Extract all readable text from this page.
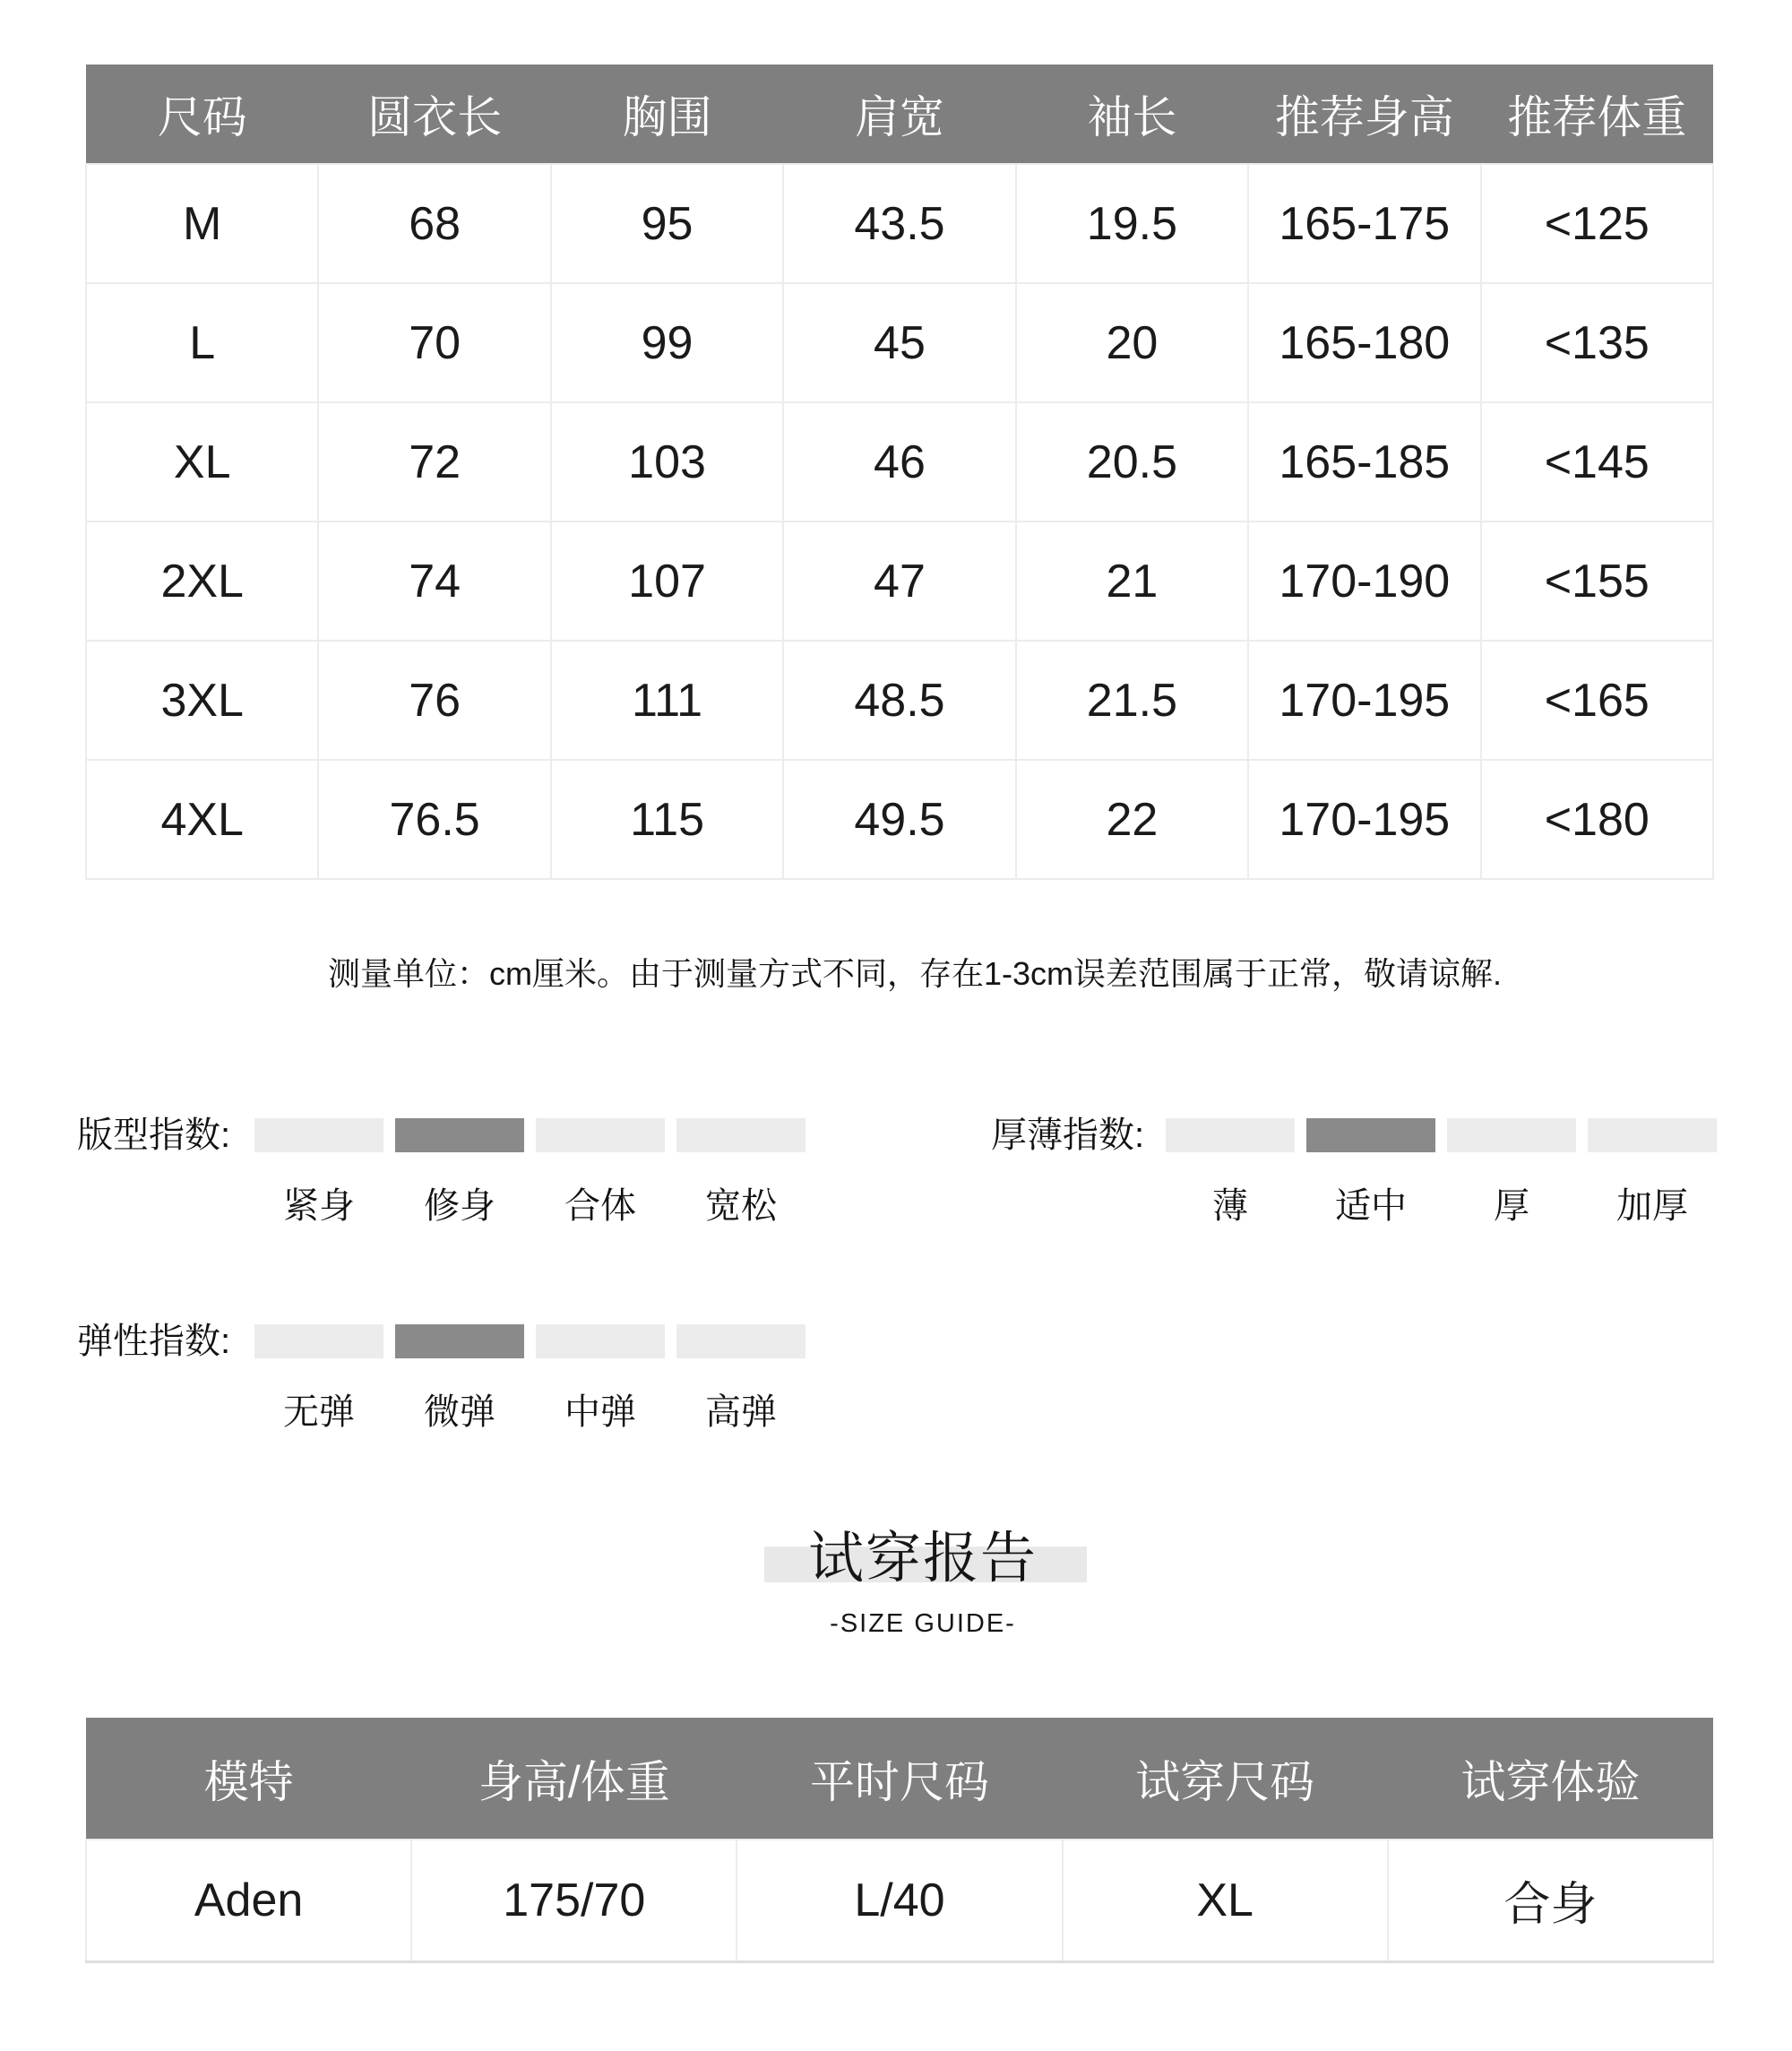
尺码	圆衣长	胸围	肩宽	袖长	推荐身高	推荐体重
M	68	95	43.5	19.5	165-175	<125
L	70	99	45	20	165-180	<135
XL	72	103	46	20.5	165-185	<145
2XL	74	107	47	21	170-190	<155
3XL	76	111	48.5	21.5	170-195	<165
4XL	76.5	115	49.5	22	170-195	<180
测量单位：cm厘米。由于测量方式不同，存在1-3cm误差范围属于正常，敬请谅解.
版型指数:
紧身	修身	合体	宽松
厚薄指数:
薄	适中	厚	加厚
弹性指数:
无弹	微弹	中弹	高弹
试穿报告
-SIZE GUIDE-
模特	身高/体重	平时尺码	试穿尺码	试穿体验
Aden	175/70	L/40	XL	合身
